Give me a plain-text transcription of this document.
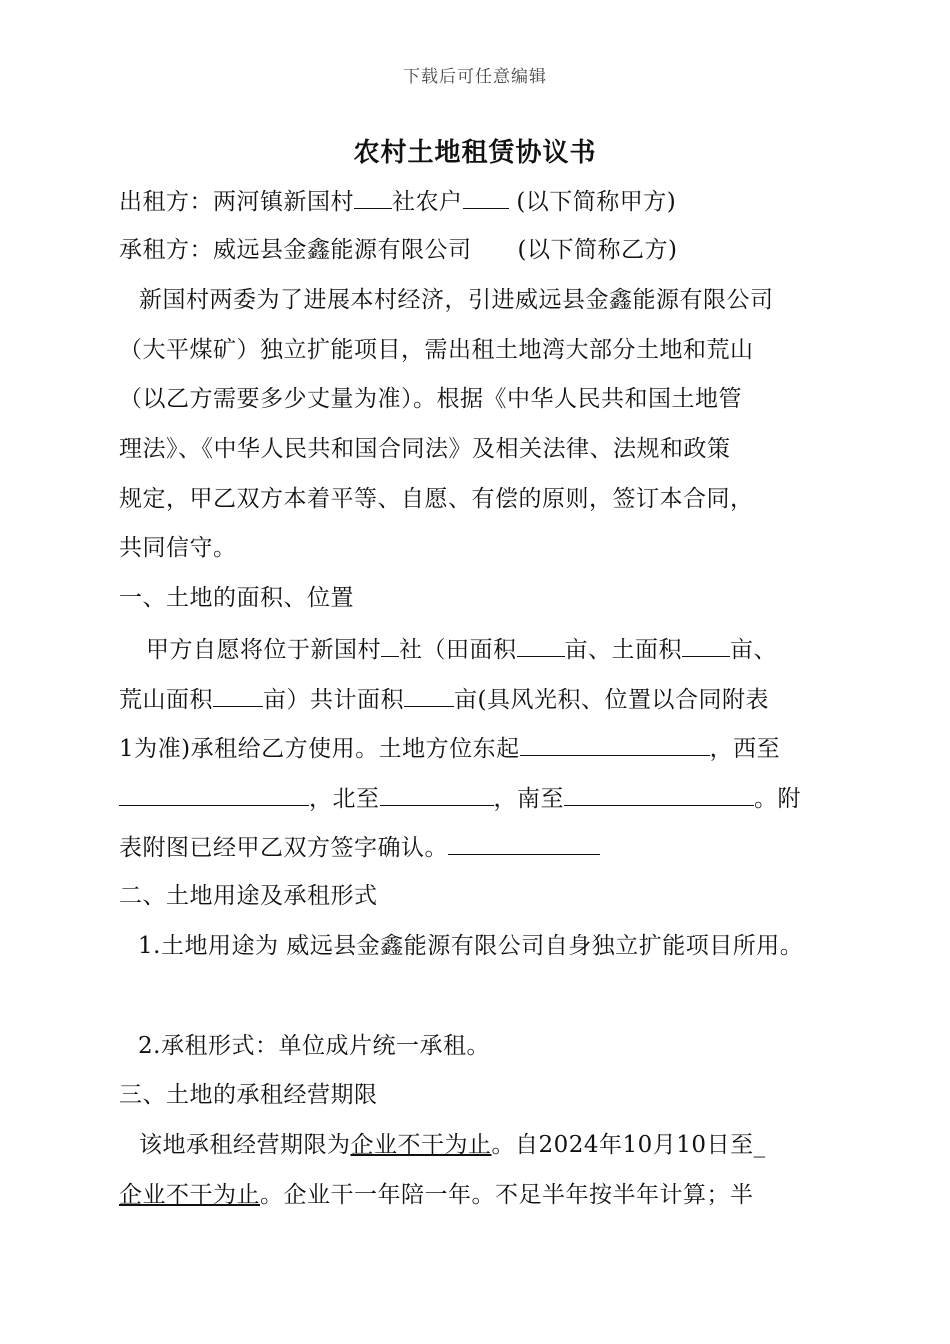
下载后可任意编辑
农村土地租赁协议书
出租方：两河镇新国村 社农户 (以下简称甲方)
承租方：威远县金鑫能源有限公司 (以下简称乙方)
新国村两委为了进展本村经济，引进威远县金鑫能源有限公司
（大平煤矿）独立扩能项目，需出租土地湾大部分土地和荒山
（以乙方需要多少丈量为准）。根据《中华人民共和国土地管
理法》、《中华人民共和国合同法》及相关法律、法规和政策
规定，甲乙双方本着平等、自愿、有偿的原则，签订本合同，
共同信守。
一、土地的面积、位置
甲方自愿将位于新国村 社（田面积 亩、土面积 亩、
荒山面积 亩）共计面积 亩(具风光积、位置以合同附表
1为准)承租给乙方使用。土地方位东起	，西至
，北至	，南至	。附
表附图已经甲乙双方签字确认。
二、土地用途及承租形式
1.土地用途为 威远县金鑫能源有限公司自身独立扩能项目所用。
2.承租形式：单位成片统一承租。
三、土地的承租经营期限
该地承租经营期限为企业不干为止。自2024年10月10日至_
企业不干为止。企业干一年陪一年。不足半年按半年计算；半
